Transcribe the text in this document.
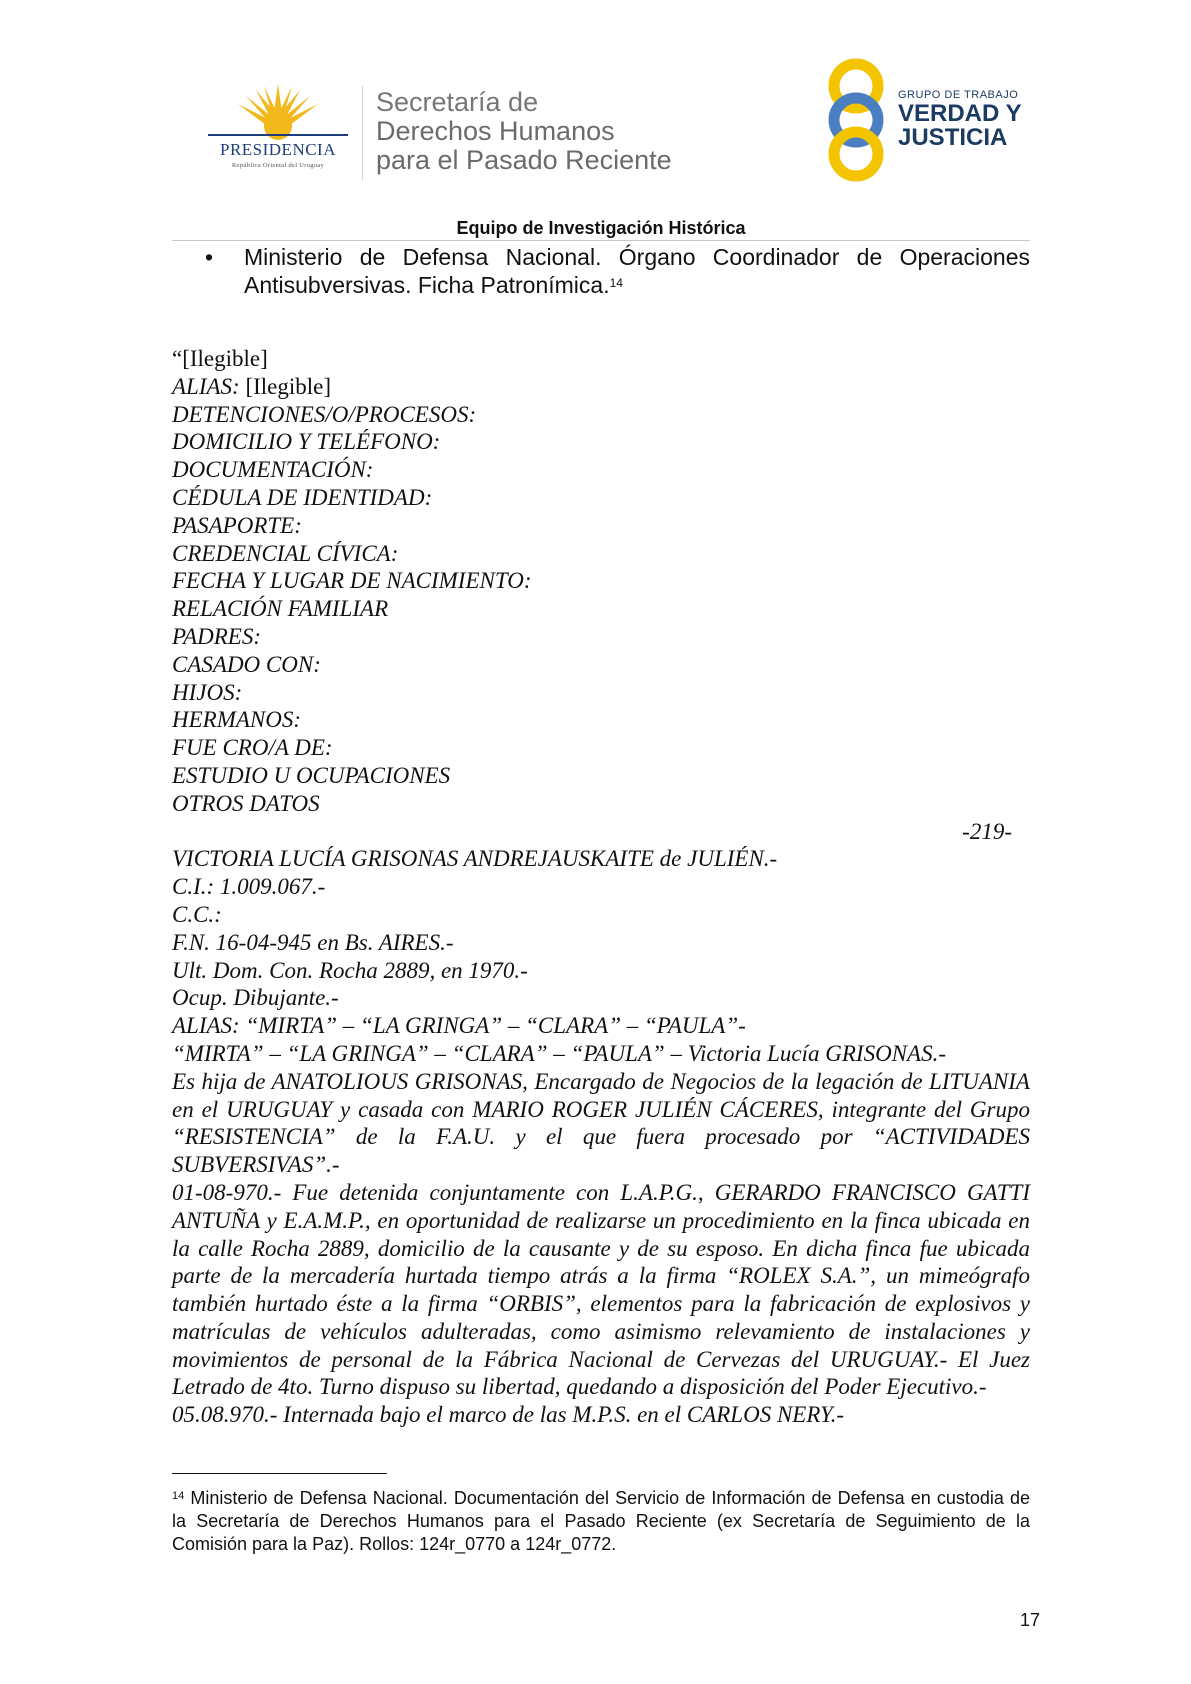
PRESIDENCIA
República Oriental del Uruguay
Secretaría de
Derechos Humanos
para el Pasado Reciente
GRUPO DE TRABAJO
VERDAD Y
JUSTICIA
Equipo de Investigación Histórica
• Ministerio de Defensa Nacional. Órgano Coordinador de Operaciones Antisubversivas. Ficha Patronímica.$^{14}$
“[Ilegible]
ALIAS: [Ilegible]
DETENCIONES/O/PROCESOS:
DOMICILIO Y TELÉFONO:
DOCUMENTACIÓN:
CÉDULA DE IDENTIDAD:
PASAPORTE:
CREDENCIAL CÍVICA:
FECHA Y LUGAR DE NACIMIENTO:
RELACIÓN FAMILIAR
PADRES:
CASADO CON:
HIJOS:
HERMANOS:
FUE CRO/A DE:
ESTUDIO U OCUPACIONES
OTROS DATOS
-219-
VICTORIA LUCÍA GRISONAS ANDREJAUSKAITE de JULIÉN.-
C.I.: 1.009.067.-
C.C.:
F.N. 16-04-945 en Bs. AIRES.-
Ult. Dom. Con. Rocha 2889, en 1970.-
Ocup. Dibujante.-
ALIAS: “MIRTA” – “LA GRINGA” – “CLARA” – “PAULA”-
“MIRTA” – “LA GRINGA” – “CLARA” – “PAULA” – Victoria Lucía GRISONAS.-
Es hija de ANATOLIOUS GRISONAS, Encargado de Negocios de la legación de LITUANIA en el URUGUAY y casada con MARIO ROGER JULIÉN CÁCERES, integrante del Grupo “RESISTENCIA” de la F.A.U. y el que fuera procesado por “ACTIVIDADES SUBVERSIVAS”.-
01-08-970.- Fue detenida conjuntamente con L.A.P.G., GERARDO FRANCISCO GATTI ANTUÑA y E.A.M.P., en oportunidad de realizarse un procedimiento en la finca ubicada en la calle Rocha 2889, domicilio de la causante y de su esposo. En dicha finca fue ubicada parte de la mercadería hurtada tiempo atrás a la firma “ROLEX S.A.”, un mimeógrafo también hurtado éste a la firma “ORBIS”, elementos para la fabricación de explosivos y matrículas de vehículos adulteradas, como asimismo relevamiento de instalaciones y movimientos de personal de la Fábrica Nacional de Cervezas del URUGUAY.- El Juez Letrado de 4to. Turno dispuso su libertad, quedando a disposición del Poder Ejecutivo.-
05.08.970.- Internada bajo el marco de las M.P.S. en el CARLOS NERY.-
$^{14}$ Ministerio de Defensa Nacional. Documentación del Servicio de Información de Defensa en custodia de la Secretaría de Derechos Humanos para el Pasado Reciente (ex Secretaría de Seguimiento de la Comisión para la Paz). Rollos: 124r_0770 a 124r_0772.
17
